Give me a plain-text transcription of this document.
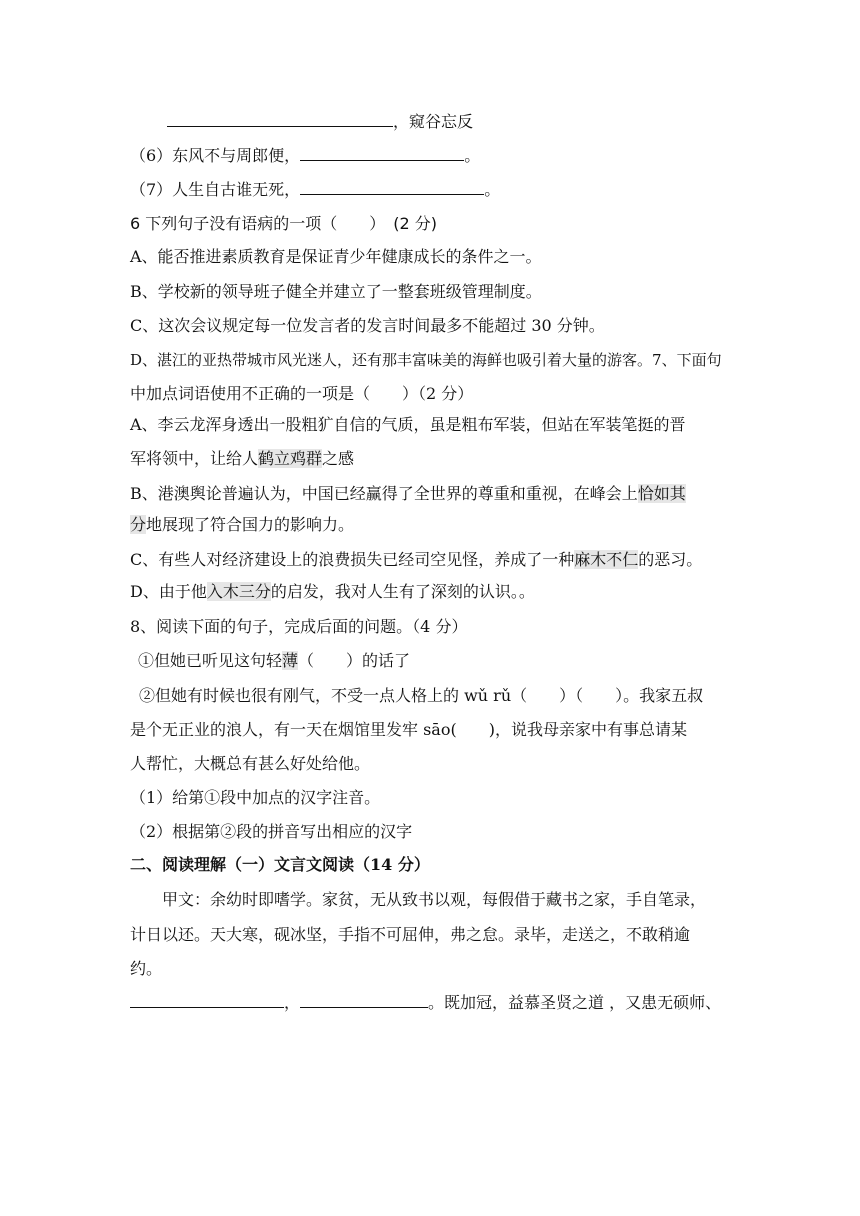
，窥谷忘反
（6）东风不与周郎便，	。
（7）人生自古谁无死，	。
6 下列句子没有语病的一项（　　）　(2 分)
A、能否推进素质教育是保证青少年健康成长的条件之一。
B、学校新的领导班子健全并建立了一整套班级管理制度。
C、这次会议规定每一位发言者的发言时间最多不能超过 30 分钟。
D、湛江的亚热带城市风光迷人，还有那丰富味美的海鲜也吸引着大量的游客。7、下面句
中加点词语使用不正确的一项是（　　）（2 分）
A、李云龙浑身透出一股粗犷自信的气质，虽是粗布军装，但站在军装笔挺的晋
军将领中，让给人鹤立鸡群之感
B、港澳舆论普遍认为，中国已经赢得了全世界的尊重和重视，在峰会上恰如其
分地展现了符合国力的影响力。
C、有些人对经济建设上的浪费损失已经司空见怪，养成了一种麻木不仁的恶习。
D、由于他入木三分的启发，我对人生有了深刻的认识。。
8、阅读下面的句子，完成后面的问题。（4 分）
①但她已听见这句轻薄（　　）的话了
②但她有时候也很有刚气，不受一点人格上的 wǔ rǔ（　　）（　　）。我家五叔
是个无正业的浪人，有一天在烟馆里发牢 sāo(　　)，说我母亲家中有事总请某
人帮忙，大概总有甚么好处给他。
（1）给第①段中加点的汉字注音。
（2）根据第②段的拼音写出相应的汉字
二、阅读理解（一）文言文阅读（14 分）
甲文：余幼时即嗜学。家贫，无从致书以观，每假借于藏书之家，手自笔录，
计日以还。天大寒，砚冰坚，手指不可屈伸，弗之怠。录毕，走送之，不敢稍逾
约。
，	。既加冠，益慕圣贤之道 ，又患无硕师、
